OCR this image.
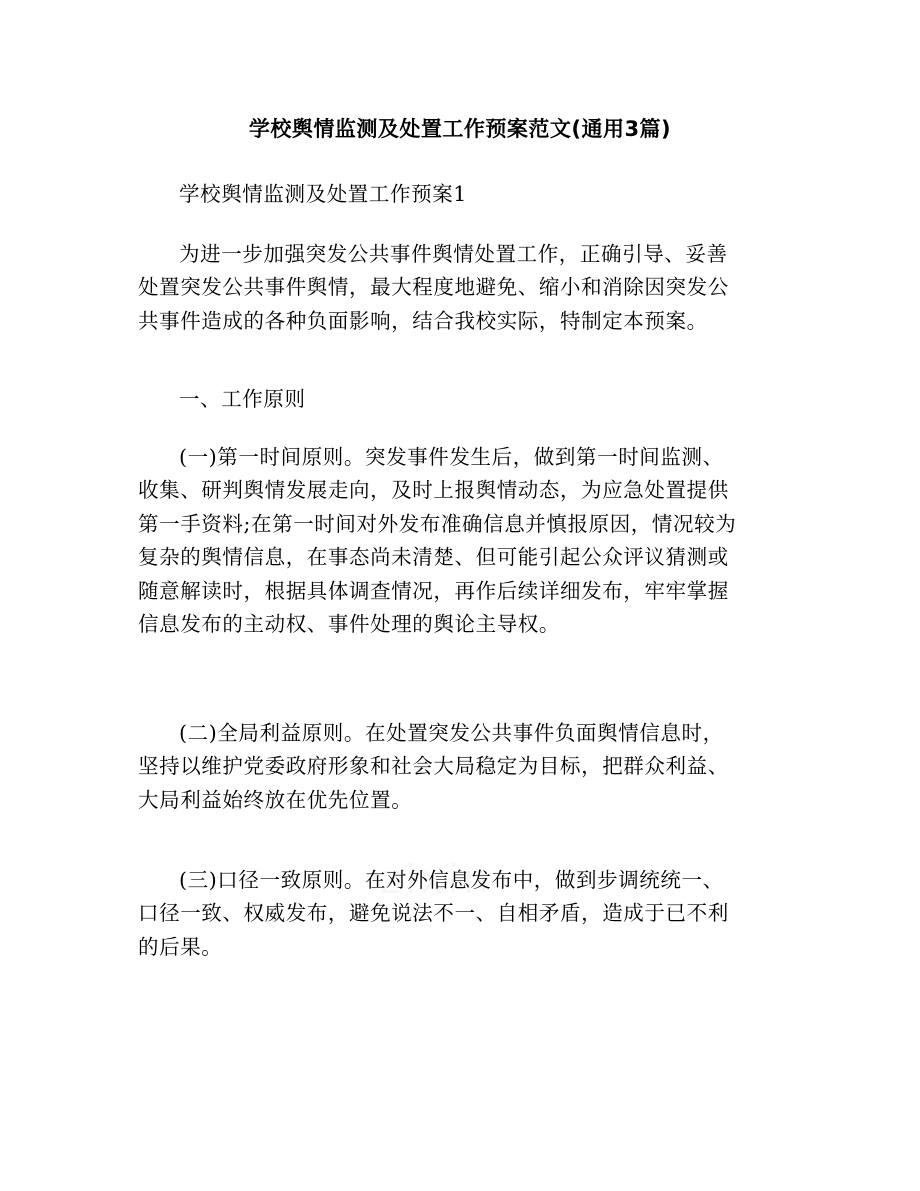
学校舆情监测及处置工作预案范文(通用3篇)
学校舆情监测及处置工作预案1
为进一步加强突发公共事件舆情处置工作，正确引导、妥善
处置突发公共事件舆情，最大程度地避免、缩小和消除因突发公
共事件造成的各种负面影响，结合我校实际，特制定本预案。
一、工作原则
(一)第一时间原则。突发事件发生后，做到第一时间监测、
收集、研判舆情发展走向，及时上报舆情动态，为应急处置提供
第一手资料;在第一时间对外发布准确信息并慎报原因，情况较为
复杂的舆情信息，在事态尚未清楚、但可能引起公众评议猜测或
随意解读时，根据具体调查情况，再作后续详细发布，牢牢掌握
信息发布的主动权、事件处理的舆论主导权。
(二)全局利益原则。在处置突发公共事件负面舆情信息时，
坚持以维护党委政府形象和社会大局稳定为目标，把群众利益、
大局利益始终放在优先位置。
(三)口径一致原则。在对外信息发布中，做到步调统统一、
口径一致、权威发布，避免说法不一、自相矛盾，造成于已不利
的后果。
